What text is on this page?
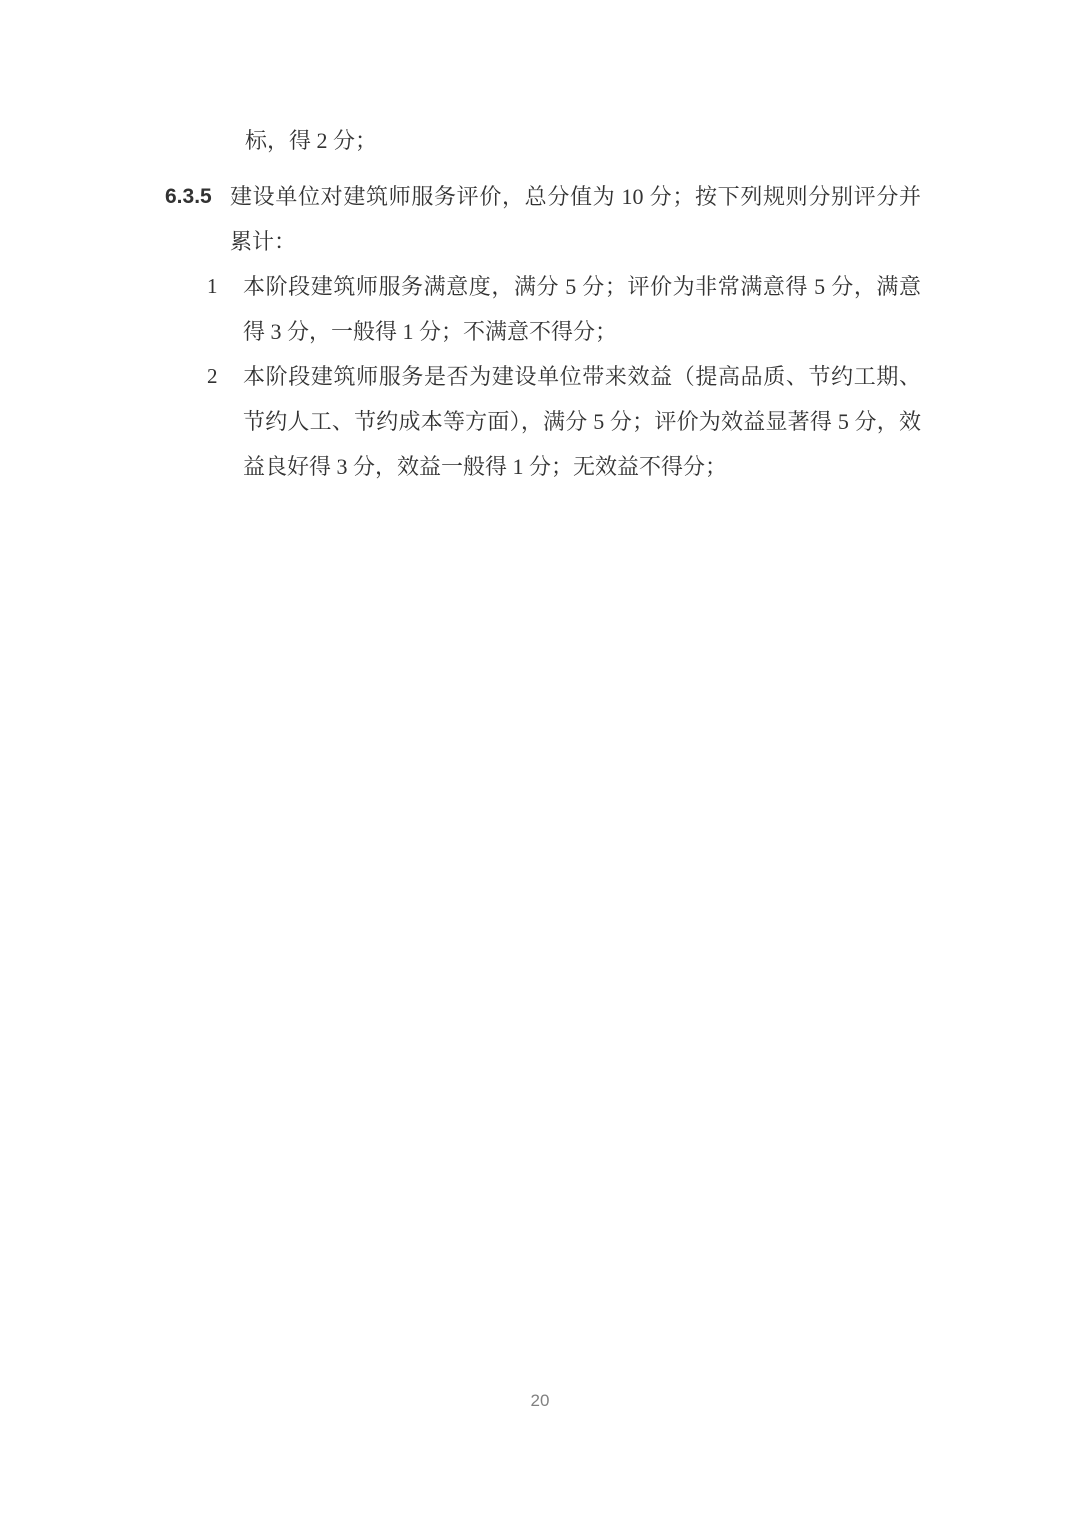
标，得 2 分；

6.3.5 建设单位对建筑师服务评价，总分值为 10 分；按下列规则分别评分并累计：

1	本阶段建筑师服务满意度，满分 5 分；评价为非常满意得 5 分，满意得 3 分，一般得 1 分；不满意不得分；

2	本阶段建筑师服务是否为建设单位带来效益（提高品质、节约工期、节约人工、节约成本等方面），满分 5 分；评价为效益显著得 5 分，效益良好得 3 分，效益一般得 1 分；无效益不得分；

20
